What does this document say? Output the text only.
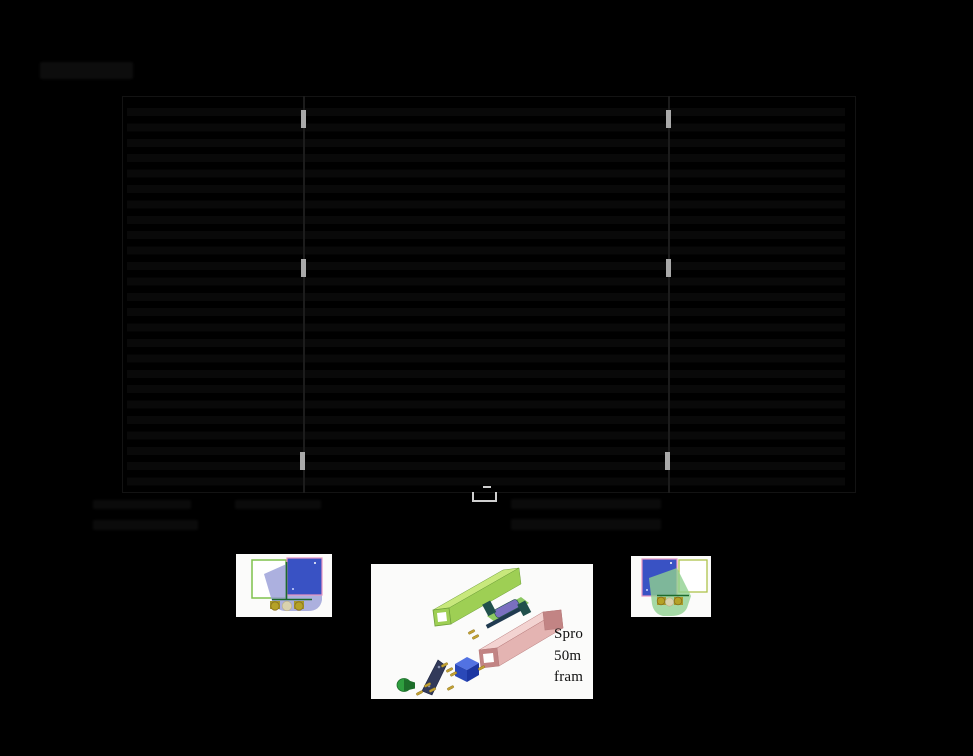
Spro
50m
fram
